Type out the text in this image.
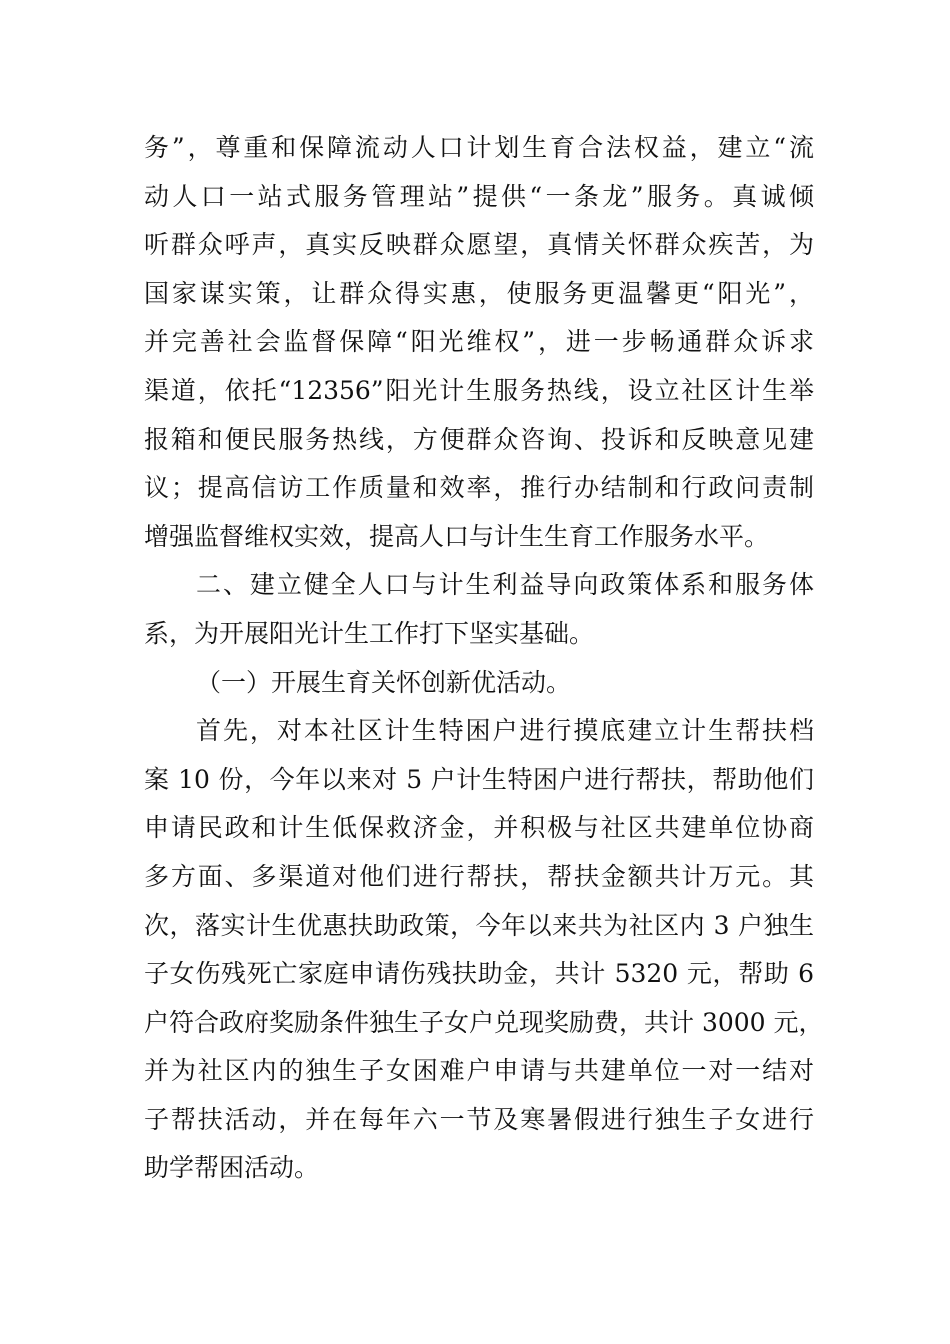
务”，尊重和保障流动人口计划生育合法权益，建立“流
动人口一站式服务管理站”提供“一条龙”服务。真诚倾
听群众呼声，真实反映群众愿望，真情关怀群众疾苦，为
国家谋实策，让群众得实惠，使服务更温馨更“阳光”，
并完善社会监督保障“阳光维权”，进一步畅通群众诉求
渠道，依托“12356”阳光计生服务热线，设立社区计生举
报箱和便民服务热线，方便群众咨询、投诉和反映意见建
议；提高信访工作质量和效率，推行办结制和行政问责制
增强监督维权实效，提高人口与计生生育工作服务水平。
二、建立健全人口与计生利益导向政策体系和服务体
系，为开展阳光计生工作打下坚实基础。
（一）开展生育关怀创新优活动。
首先，对本社区计生特困户进行摸底建立计生帮扶档
案 10 份，今年以来对 5 户计生特困户进行帮扶，帮助他们
申请民政和计生低保救济金，并积极与社区共建单位协商
多方面、多渠道对他们进行帮扶，帮扶金额共计万元。其
次，落实计生优惠扶助政策，今年以来共为社区内 3 户独生
子女伤残死亡家庭申请伤残扶助金，共计 5320 元，帮助 6
户符合政府奖励条件独生子女户兑现奖励费，共计 3000 元，
并为社区内的独生子女困难户申请与共建单位一对一结对
子帮扶活动，并在每年六一节及寒暑假进行独生子女进行
助学帮困活动。
